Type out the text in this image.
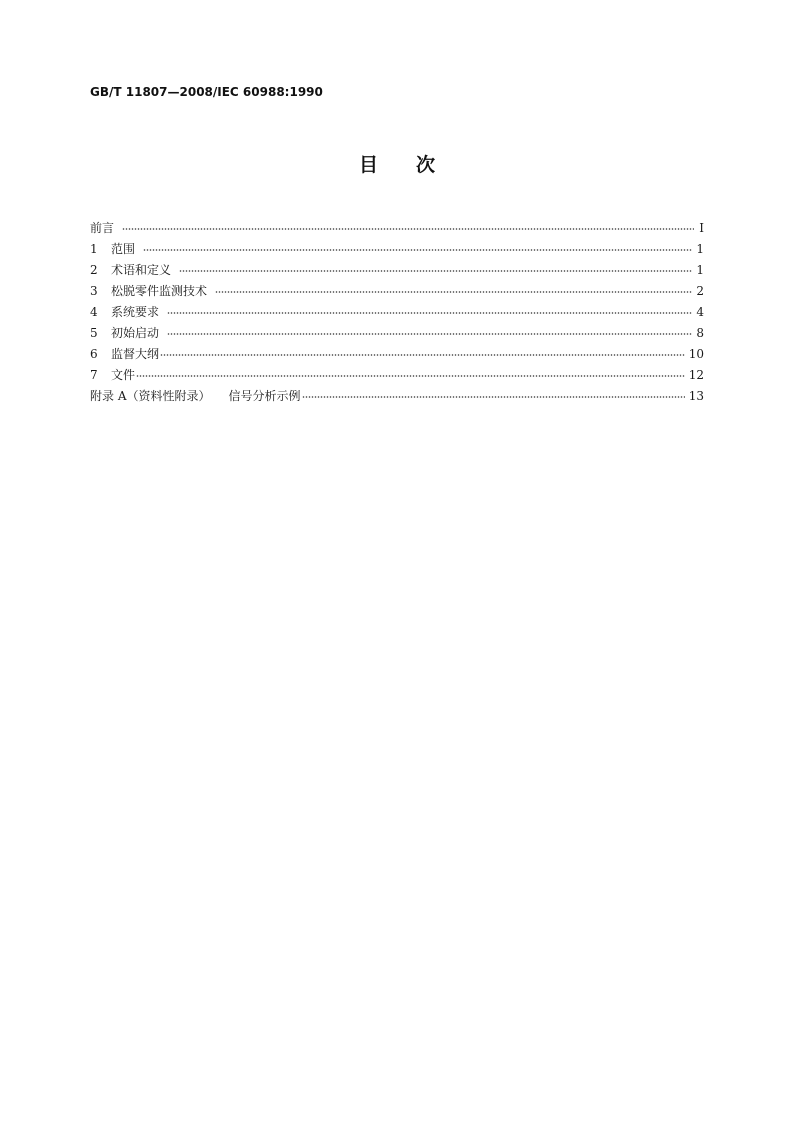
GB/T 11807—2008/IEC 60988:1990
目　　次
前言	I
1	范围	1
2	术语和定义	1
3	松脱零件监测技术	2
4	系统要求	4
5	初始启动	8
6	监督大纲	10
7	文件	12
附录 A（资料性附录） 信号分析示例	13
